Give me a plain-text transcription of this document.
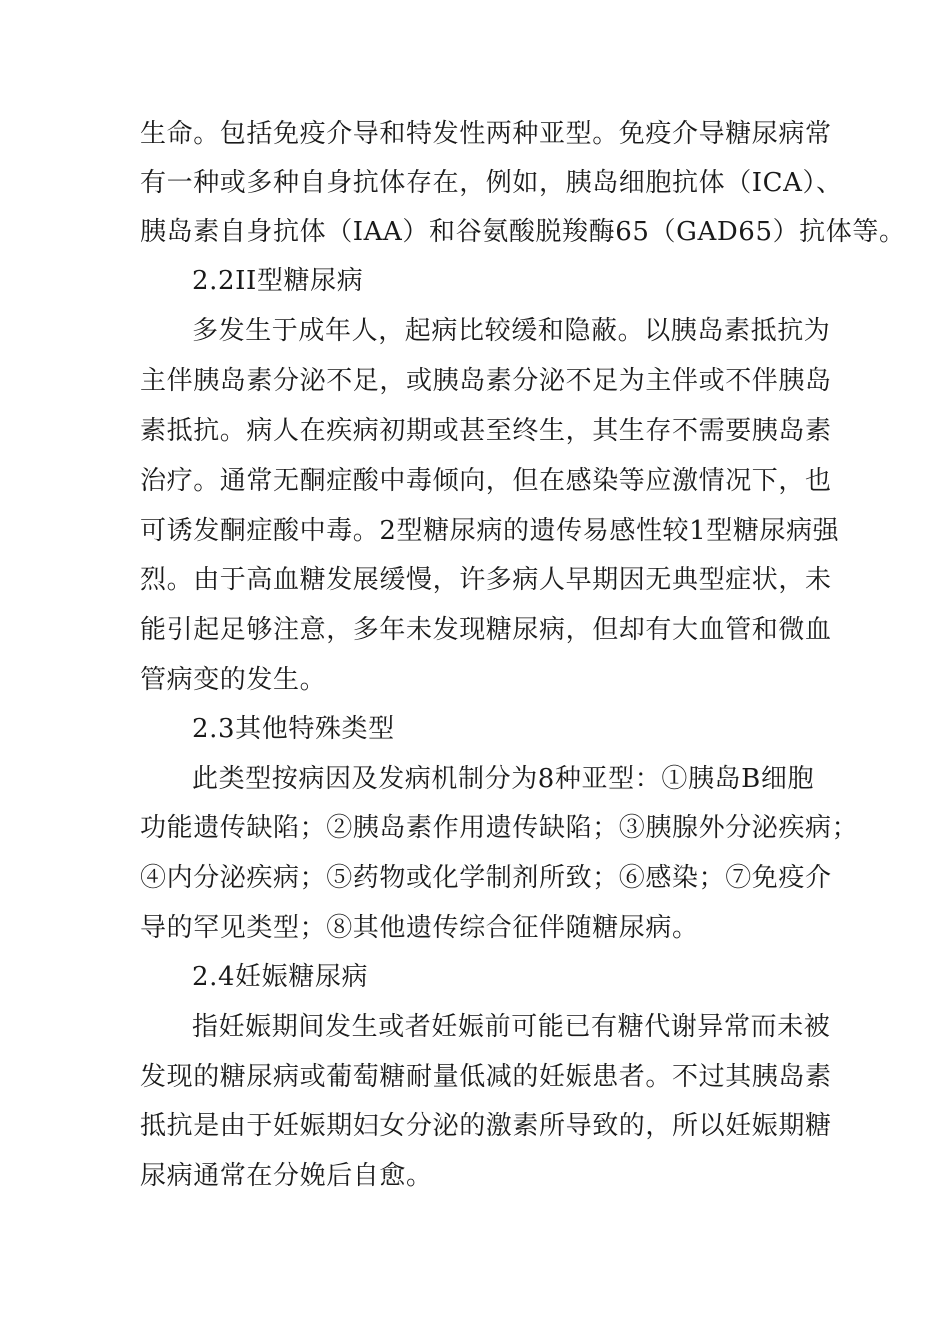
生命。包括免疫介导和特发性两种亚型。免疫介导糖尿病常
有一种或多种自身抗体存在，例如，胰岛细胞抗体（ICA）、
胰岛素自身抗体（IAA）和谷氨酸脱羧酶65（GAD65）抗体等。
2.2II型糖尿病
多发生于成年人，起病比较缓和隐蔽。以胰岛素抵抗为
主伴胰岛素分泌不足，或胰岛素分泌不足为主伴或不伴胰岛
素抵抗。病人在疾病初期或甚至终生，其生存不需要胰岛素
治疗。通常无酮症酸中毒倾向，但在感染等应激情况下，也
可诱发酮症酸中毒。2型糖尿病的遗传易感性较1型糖尿病强
烈。由于高血糖发展缓慢，许多病人早期因无典型症状，未
能引起足够注意，多年未发现糖尿病，但却有大血管和微血
管病变的发生。
2.3其他特殊类型
此类型按病因及发病机制分为8种亚型：①胰岛B细胞
功能遗传缺陷；②胰岛素作用遗传缺陷；③胰腺外分泌疾病；
④内分泌疾病；⑤药物或化学制剂所致；⑥感染；⑦免疫介
导的罕见类型；⑧其他遗传综合征伴随糖尿病。
2.4妊娠糖尿病
指妊娠期间发生或者妊娠前可能已有糖代谢异常而未被
发现的糖尿病或葡萄糖耐量低减的妊娠患者。不过其胰岛素
抵抗是由于妊娠期妇女分泌的激素所导致的，所以妊娠期糖
尿病通常在分娩后自愈。
